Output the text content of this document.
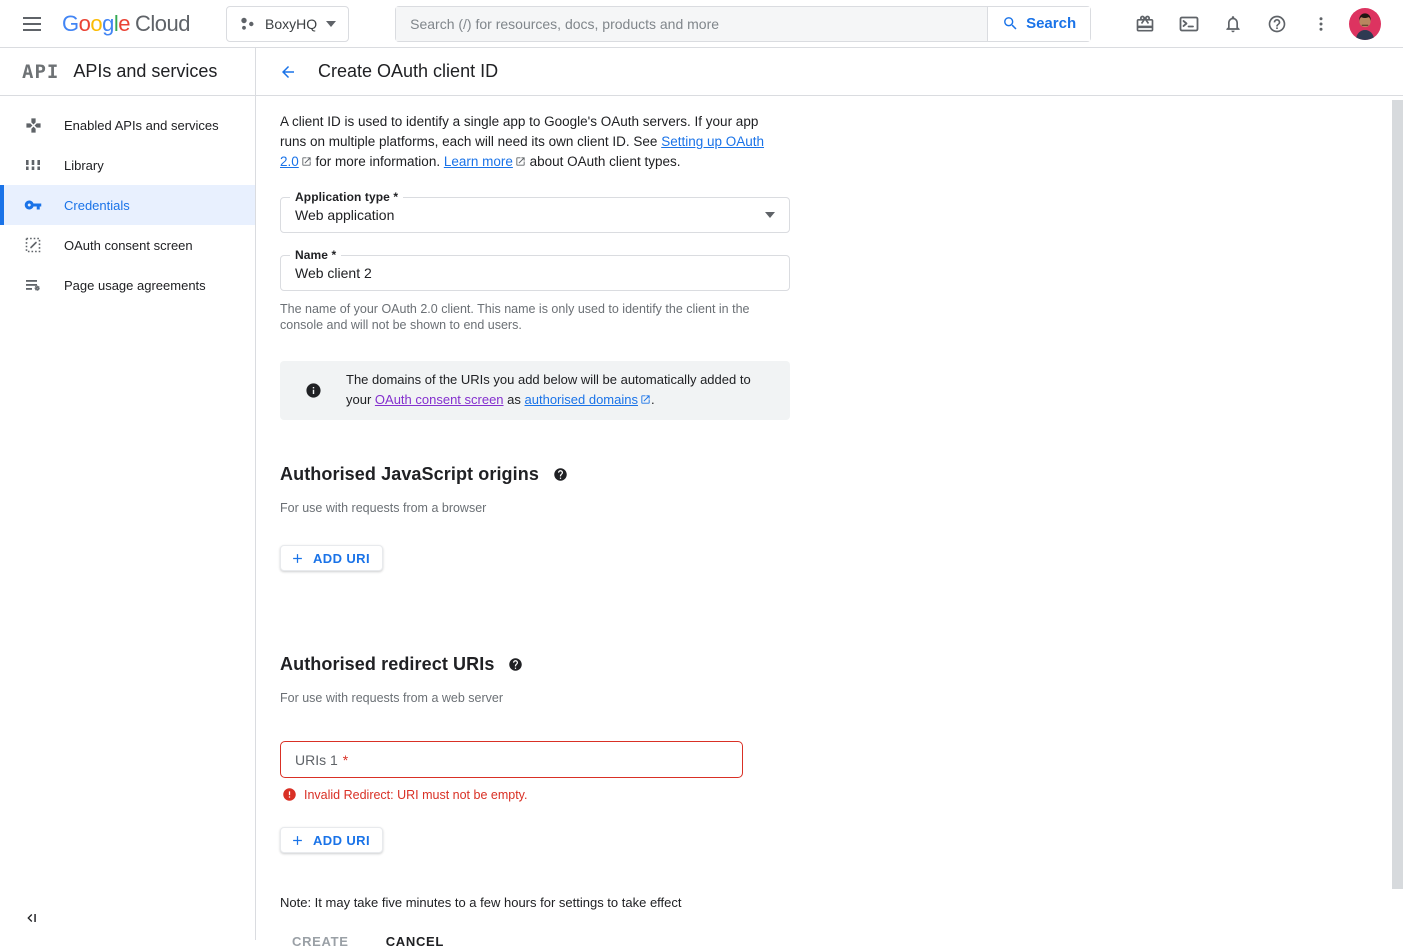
G o o g l e Cloud	BoxyHQ
Search (/) for resources, docs, products and more	Search
API APIs and services	Create OAuth client ID
Enabled APIs and services
Library
Credentials
OAuth consent screen
Page usage agreements

A client ID is used to identify a single app to Google's OAuth servers. If your app runs on multiple platforms, each will need its own client ID. See Setting up OAuth 2.0 for more information. Learn more about OAuth client types.

Application type *
Web application
Name *
Web client 2

The name of your OAuth 2.0 client. This name is only used to identify the client in the console and will not be shown to end users.

The domains of the URIs you add below will be automatically added to your OAuth consent screen as authorised domains .
Authorised JavaScript origins

For use with requests from a browser

ADD URI
Authorised redirect URIs

For use with requests from a web server

URIs 1 *
Invalid Redirect: URI must not be empty.
ADD URI

Note: It may take five minutes to a few hours for settings to take effect

CREATE	CANCEL
